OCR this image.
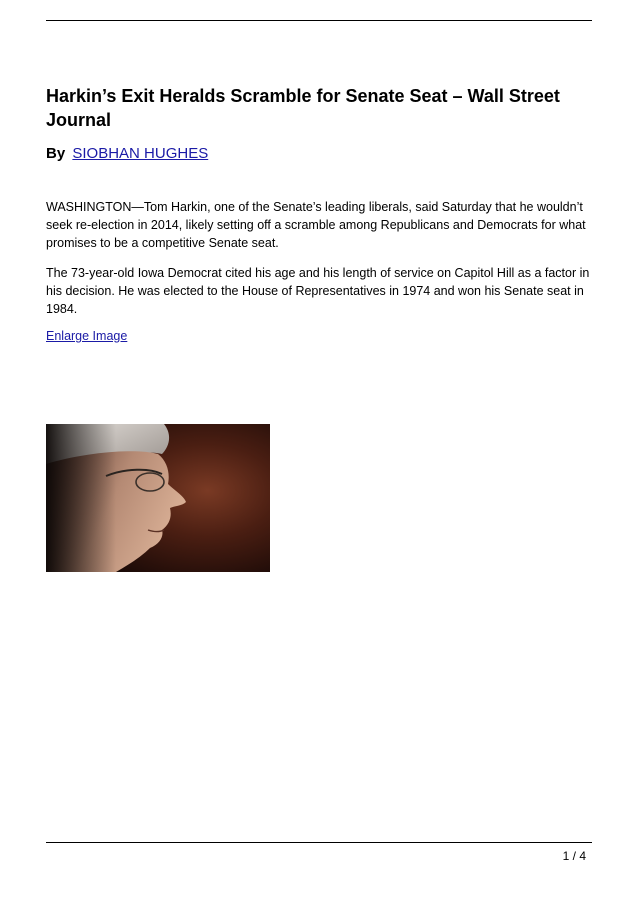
Harkin’s Exit Heralds Scramble for Senate Seat – Wall Street Journal
By SIOBHAN HUGHES

WASHINGTON—Tom Harkin, one of the Senate’s leading liberals, said Saturday that he wouldn’t seek re-election in 2014, likely setting off a scramble among Republicans and Democrats for what promises to be a competitive Senate seat.

The 73-year-old Iowa Democrat cited his age and his length of service on Capitol Hill as a factor in his decision. He was elected to the House of Representatives in 1974 and won his Senate seat in 1984.

Enlarge Image
1 / 4
